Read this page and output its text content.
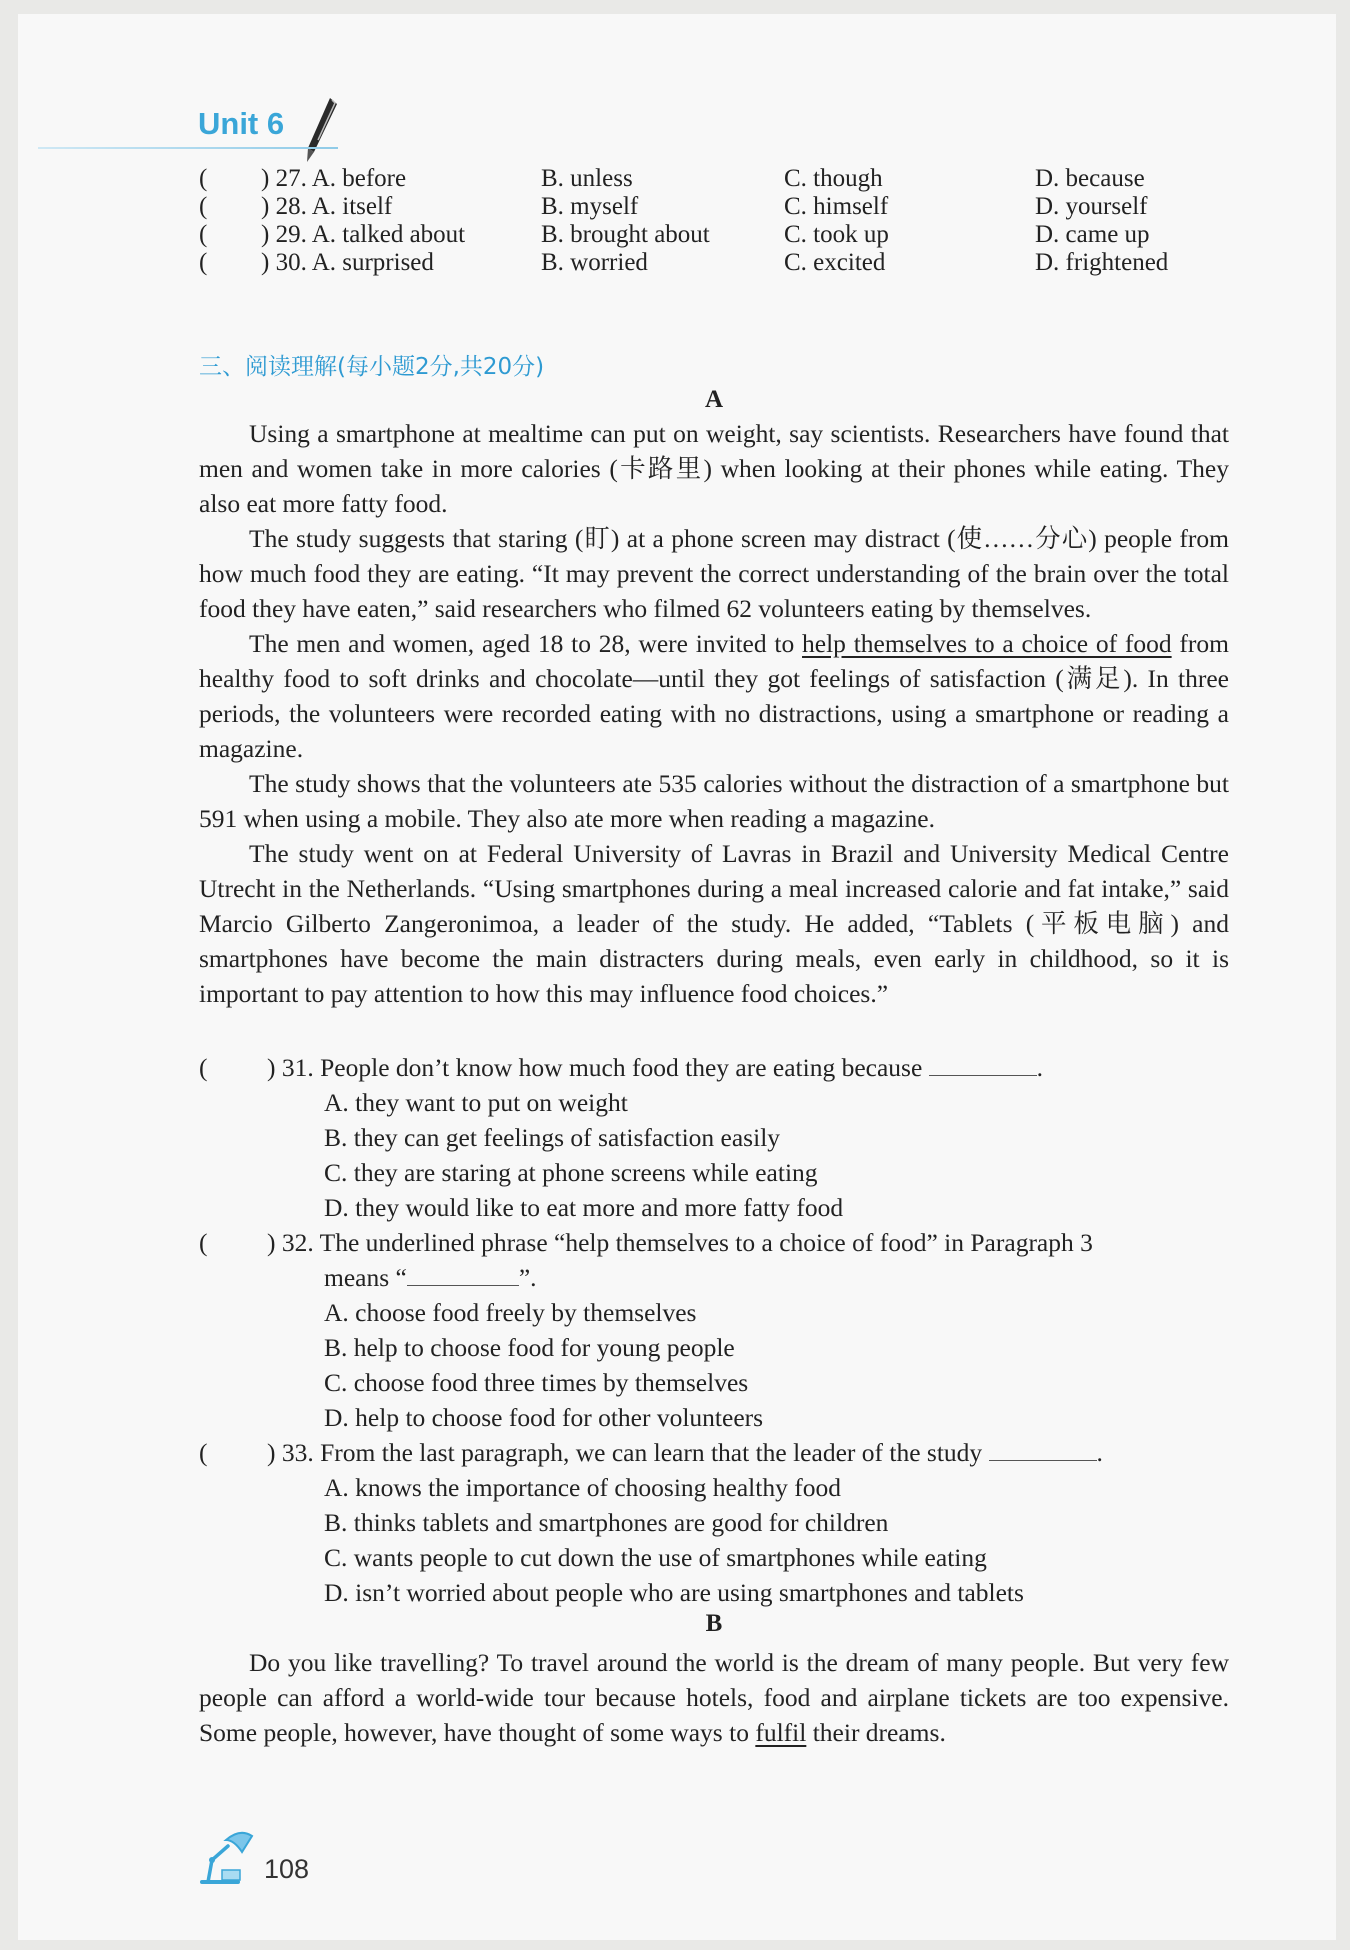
Unit 6
( ) 27. A. before	B. unless	C. though	D. because
( ) 28. A. itself	B. myself	C. himself	D. yourself
( ) 29. A. talked about	B. brought about	C. took up	D. came up
( ) 30. A. surprised	B. worried	C. excited	D. frightened
三、阅读理解(每小题2分,共20分)
A

Using a smartphone at mealtime can put on weight, say scientists. Researchers have found that men and women take in more calories (卡路里) when looking at their phones while eating. They also eat more fatty food.

The study suggests that staring (盯) at a phone screen may distract (使……分心) people from how much food they are eating. “It may prevent the correct understanding of the brain over the total food they have eaten,” said researchers who filmed 62 volunteers eating by themselves.

The men and women, aged 18 to 28, were invited to help themselves to a choice of food from healthy food to soft drinks and chocolate—until they got feelings of satisfaction (满足). In three periods, the volunteers were recorded eating with no distractions, using a smartphone or reading a magazine.

The study shows that the volunteers ate 535 calories without the distraction of a smartphone but 591 when using a mobile. They also ate more when reading a magazine.

The study went on at Federal University of Lavras in Brazil and University Medical Centre Utrecht in the Netherlands. “Using smartphones during a meal increased calorie and fat intake,” said Marcio Gilberto Zangeronimoa, a leader of the study. He added, “Tablets (平板电脑) and smartphones have become the main distracters during meals, even early in childhood, so it is important to pay attention to how this may influence food choices.”

( ) 31. People don’t know how much food they are eating because	.
A. they want to put on weight
B. they can get feelings of satisfaction easily
C. they are staring at phone screens while eating
D. they would like to eat more and more fatty food
( ) 32. The underlined phrase “help themselves to a choice of food” in Paragraph 3
means “	”.
A. choose food freely by themselves
B. help to choose food for young people
C. choose food three times by themselves
D. help to choose food for other volunteers
( ) 33. From the last paragraph, we can learn that the leader of the study	.
A. knows the importance of choosing healthy food
B. thinks tablets and smartphones are good for children
C. wants people to cut down the use of smartphones while eating
D. isn’t worried about people who are using smartphones and tablets
B

Do you like travelling? To travel around the world is the dream of many people. But very few people can afford a world-wide tour because hotels, food and airplane tickets are too expensive. Some people, however, have thought of some ways to fulfil their dreams.

108
